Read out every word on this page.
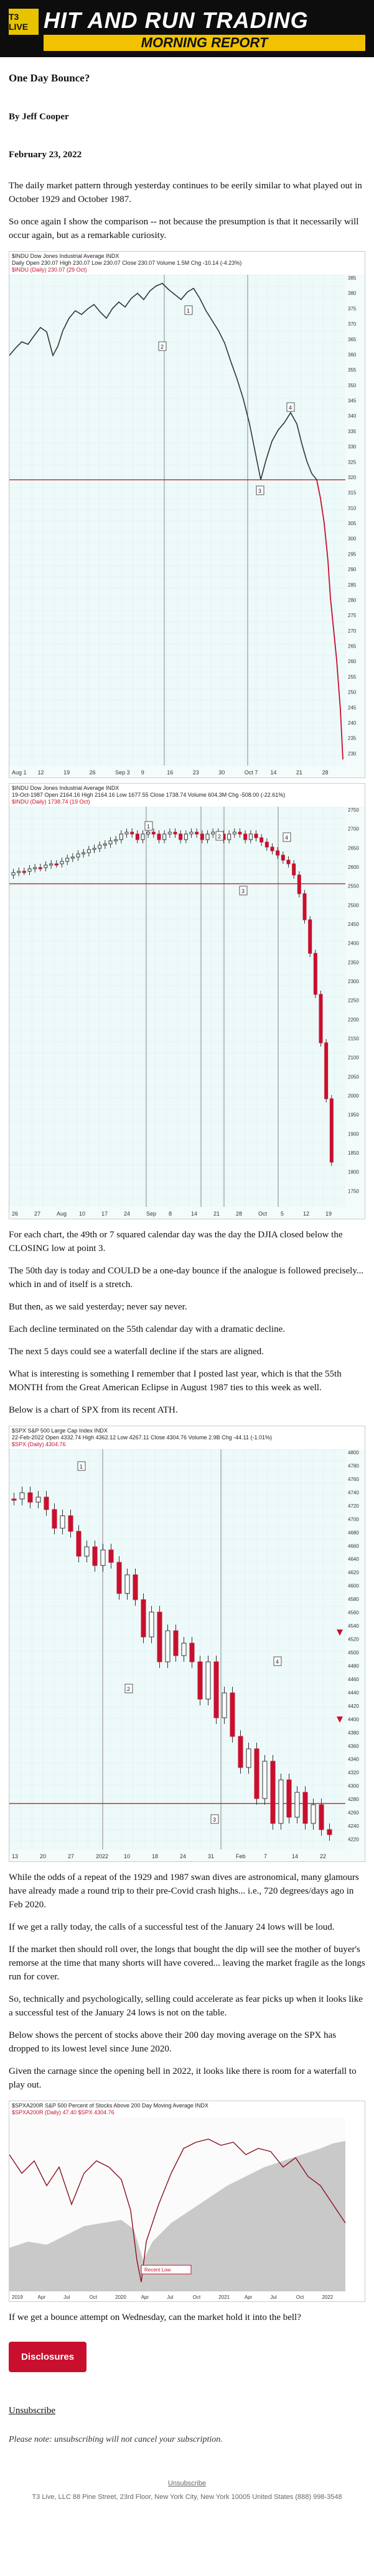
T3 LIVE HIT AND RUN TRADING
MORNING REPORT
One Day Bounce?
By Jeff Cooper
February 23, 2022

The daily market pattern through yesterday continues to be eerily similar to what played out in October 1929 and October 1987.

So once again I show the comparison -- not because the presumption is that it necessarily will occur again, but as a remarkable curiosity.

$INDU Dow Jones Industrial Average INDX
Daily Open 230.07 High 230.07 Low 230.07 Close 230.07 Volume 1.5M Chg -10.14 (-4.23%)
$INDU (Daily) 230.07 (29 Oct)
1
2
3
4
385
380
375
370
365
360
355
350
345
340
335
330
325
320
315
310
305
300
295
290
285
280
275
270
265
260
255
250
245
240
235
230
Aug 1 12	19	26	Sep 3 9	16	23	30	Oct 7 14	21	28
$INDU Dow Jones Industrial Average INDX
19-Oct-1987 Open 2164.16 High 2164.16 Low 1677.55 Close 1738.74 Volume 604.3M Chg -508.00 (-22.61%)
$INDU (Daily) 1738.74 (19 Oct)
1
2
3
4
2750
2700
2650
2600
2550
2500
2450
2400
2350
2300
2250
2200
2150
2100
2050
2000
1950
1900
1850
1800
1750
26	27	Aug 10	17	24	Sep 8	14	21	28	Oct 5	12	19

For each chart, the 49th or 7 squared calendar day was the day the DJIA closed below the CLOSING low at point 3.

The 50th day is today and COULD be a one-day bounce if the analogue is followed precisely... which in and of itself is a stretch.

But then, as we said yesterday; never say never.

Each decline terminated on the 55th calendar day with a dramatic decline.

The next 5 days could see a waterfall decline if the stars are aligned.

What is interesting is something I remember that I posted last year, which is that the 55th MONTH from the Great American Eclipse in August 1987 ties to this week as well.

Below is a chart of SPX from its recent ATH.

$SPX S&P 500 Large Cap Index INDX
22-Feb-2022 Open 4332.74 High 4362.12 Low 4267.11 Close 4304.76 Volume 2.9B Chg -44.11 (-1.01%)
$SPX (Daily) 4304.76
1
2
3
4
4800
4780
4760
4740
4720
4700
4680
4660
4640
4620
4600
4580
4560
4540
4520
4500
4480
4460
4440
4420
4400
4380
4360
4340
4320
4300
4280
4260
4240
4220
13	20	27	2022	10	18	24	31	Feb	7	14	22

While the odds of a repeat of the 1929 and 1987 swan dives are astronomical, many glamours have already made a round trip to their pre-Covid crash highs... i.e., 720 degrees/days ago in Feb 2020.

If we get a rally today, the calls of a successful test of the January 24 lows will be loud.

If the market then should roll over, the longs that bought the dip will see the mother of buyer's remorse at the time that many shorts will have covered... leaving the market fragile as the longs run for cover.

So, technically and psychologically, selling could accelerate as fear picks up when it looks like a successful test of the January 24 lows is not on the table.

Below shows the percent of stocks above their 200 day moving average on the SPX has dropped to its lowest level since June 2020.

Given the carnage since the opening bell in 2022, it looks like there is room for a waterfall to play out.

$SPXA200R S&P 500 Percent of Stocks Above 200 Day Moving Average INDX
$SPXA200R (Daily) 47.40 $SPX 4304.76
Recent Low
2019	Apr	Jul	Oct	2020	Apr	Jul	Oct	2021	Apr	Jul	Oct	2022

If we get a bounce attempt on Wednesday, can the market hold it into the bell?

Disclosures
Unsubscribe
Please note: unsubscribing will not cancel your subscription.
Unsubscribe
T3 Live, LLC 88 Pine Street, 23rd Floor, New York City, New York 10005 United States (888) 998-3548
